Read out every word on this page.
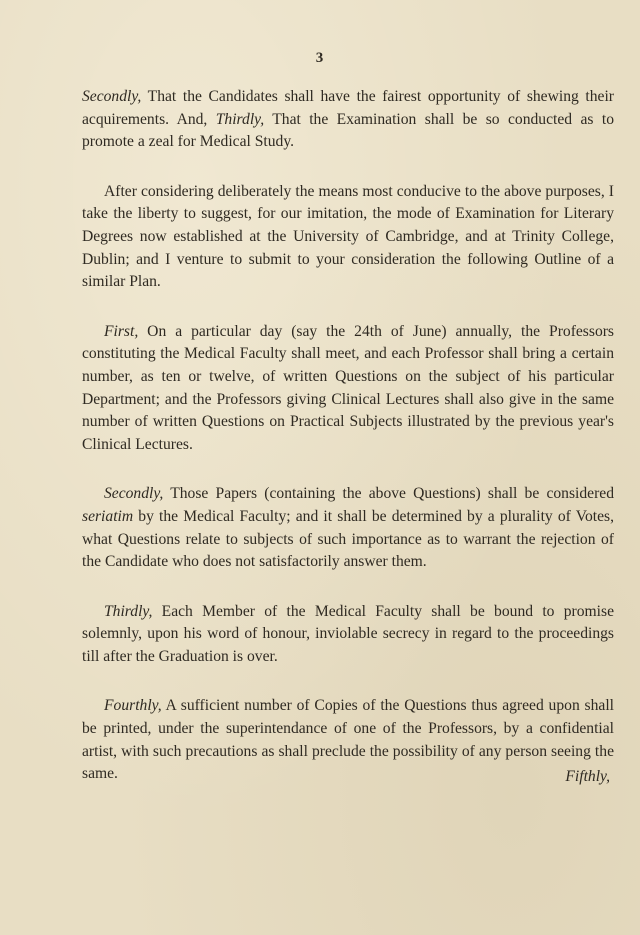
3

Secondly, That the Candidates shall have the fairest opportunity of shewing their acquirements. And, Thirdly, That the Examination shall be so conducted as to promote a zeal for Medical Study.

After considering deliberately the means most conducive to the above purposes, I take the liberty to suggest, for our imitation, the mode of Examination for Literary Degrees now established at the University of Cambridge, and at Trinity College, Dublin; and I venture to submit to your consideration the following Outline of a similar Plan.

First, On a particular day (say the 24th of June) annually, the Professors constituting the Medical Faculty shall meet, and each Professor shall bring a certain number, as ten or twelve, of written Questions on the subject of his particular Department; and the Professors giving Clinical Lectures shall also give in the same number of written Questions on Practical Subjects illustrated by the previous year's Clinical Lectures.

Secondly, Those Papers (containing the above Questions) shall be considered seriatim by the Medical Faculty; and it shall be determined by a plurality of Votes, what Questions relate to subjects of such importance as to warrant the rejection of the Candidate who does not satisfactorily answer them.

Thirdly, Each Member of the Medical Faculty shall be bound to promise solemnly, upon his word of honour, inviolable secrecy in regard to the proceedings till after the Graduation is over.

Fourthly, A sufficient number of Copies of the Questions thus agreed upon shall be printed, under the superintendance of one of the Professors, by a confidential artist, with such precautions as shall preclude the possibility of any person seeing the same.	Fifthly,
